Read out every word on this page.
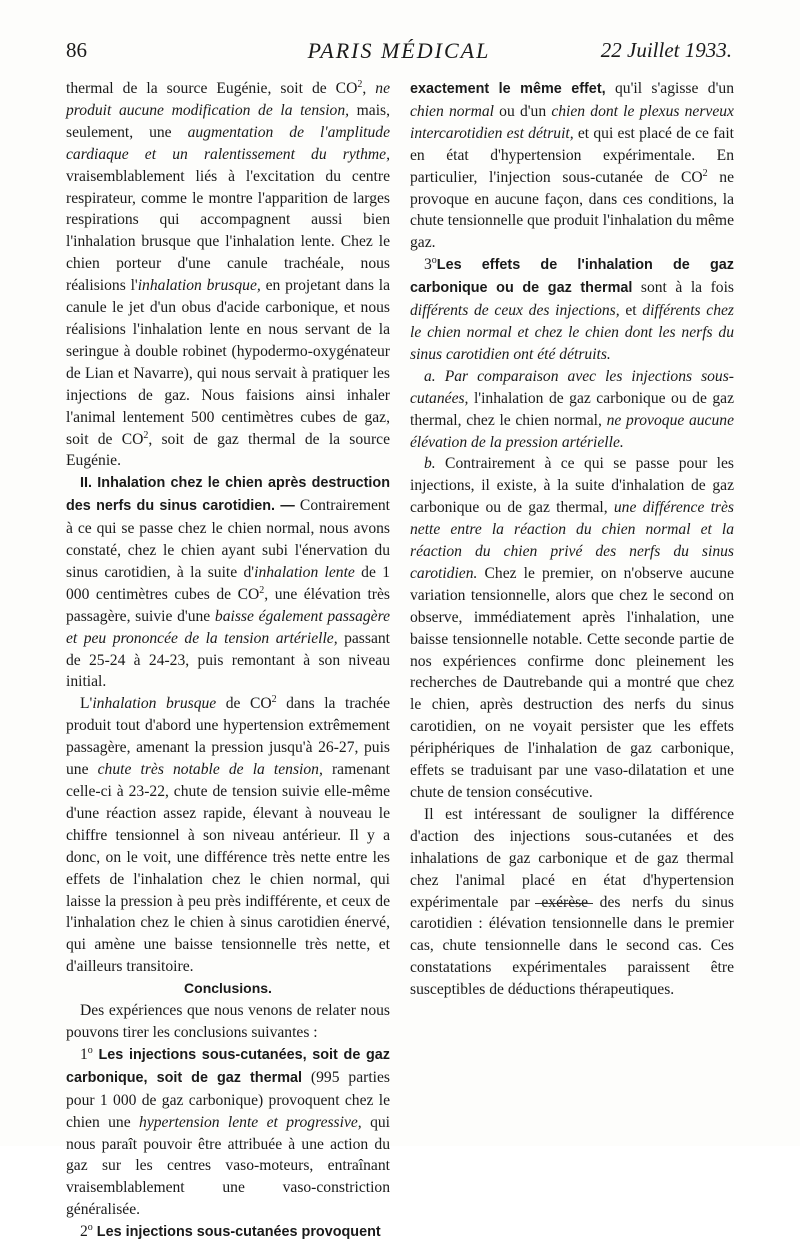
86	PARIS MÉDICAL	22 Juillet 1933.

thermal de la source Eugénie, soit de $CO^2$, ne produit aucune modification de la tension, mais, seulement, une augmentation de l'amplitude cardiaque et un ralentissement du rythme, vraisemblablement liés à l'excitation du centre respirateur, comme le montre l'apparition de larges respirations qui accompagnent aussi bien l'inhalation brusque que l'inhalation lente. Chez le chien porteur d'une canule trachéale, nous réalisions l'inhalation brusque, en projetant dans la canule le jet d'un obus d'acide carbonique, et nous réalisions l'inhalation lente en nous servant de la seringue à double robinet (hypodermo-oxygénateur de Lian et Navarre), qui nous servait à pratiquer les injections de gaz. Nous faisions ainsi inhaler l'animal lentement 500 centimètres cubes de gaz, soit de $CO^2$, soit de gaz thermal de la source Eugénie.

II. Inhalation chez le chien après destruction des nerfs du sinus carotidien. — Contrairement à ce qui se passe chez le chien normal, nous avons constaté, chez le chien ayant subi l'énervation du sinus carotidien, à la suite d'inhalation lente de 1 000 centimètres cubes de $CO^2$, une élévation très passagère, suivie d'une baisse également passagère et peu prononcée de la tension artérielle, passant de 25-24 à 24-23, puis remontant à son niveau initial.

L'inhalation brusque de $CO^2$ dans la trachée produit tout d'abord une hypertension extrêmement passagère, amenant la pression jusqu'à 26-27, puis une chute très notable de la tension, ramenant celle-ci à 23-22, chute de tension suivie elle-même d'une réaction assez rapide, élevant à nouveau le chiffre tensionnel à son niveau antérieur. Il y a donc, on le voit, une différence très nette entre les effets de l'inhalation chez le chien normal, qui laisse la pression à peu près indifférente, et ceux de l'inhalation chez le chien à sinus carotidien énervé, qui amène une baisse tensionnelle très nette, et d'ailleurs transitoire.

Conclusions.

Des expériences que nous venons de relater nous pouvons tirer les conclusions suivantes :

1$^o$ Les injections sous-cutanées, soit de gaz carbonique, soit de gaz thermal (995 parties pour 1 000 de gaz carbonique) provoquent chez le chien une hypertension lente et progressive, qui nous paraît pouvoir être attribuée à une action du gaz sur les centres vaso-moteurs, entraînant vraisemblablement une vaso-constriction généralisée.

2$^o$ Les injections sous-cutanées provoquent

exactement le même effet, qu'il s'agisse d'un chien normal ou d'un chien dont le plexus nerveux intercarotidien est détruit, et qui est placé de ce fait en état d'hypertension expérimentale. En particulier, l'injection sous-cutanée de $CO^2$ ne provoque en aucune façon, dans ces conditions, la chute tensionnelle que produit l'inhalation du même gaz.

3$^o$Les effets de l'inhalation de gaz carbonique ou de gaz thermal sont à la fois différents de ceux des injections, et différents chez le chien normal et chez le chien dont les nerfs du sinus carotidien ont été détruits.

a. Par comparaison avec les injections sous-cutanées, l'inhalation de gaz carbonique ou de gaz thermal, chez le chien normal, ne provoque aucune élévation de la pression artérielle.

b. Contrairement à ce qui se passe pour les injections, il existe, à la suite d'inhalation de gaz carbonique ou de gaz thermal, une différence très nette entre la réaction du chien normal et la réaction du chien privé des nerfs du sinus carotidien. Chez le premier, on n'observe aucune variation tensionnelle, alors que chez le second on observe, immédiatement après l'inhalation, une baisse tensionnelle notable. Cette seconde partie de nos expériences confirme donc pleinement les recherches de Dautrebande qui a montré que chez le chien, après destruction des nerfs du sinus carotidien, on ne voyait persister que les effets périphériques de l'inhalation de gaz carbonique, effets se traduisant par une vaso-dilatation et une chute de tension consécutive.

Il est intéressant de souligner la différence d'action des injections sous-cutanées et des inhalations de gaz carbonique et de gaz thermal chez l'animal placé en état d'hypertension expérimentale par exérèse des nerfs du sinus carotidien : élévation tensionnelle dans le premier cas, chute tensionnelle dans le second cas. Ces constatations expérimentales paraissent être susceptibles de déductions thérapeutiques.
